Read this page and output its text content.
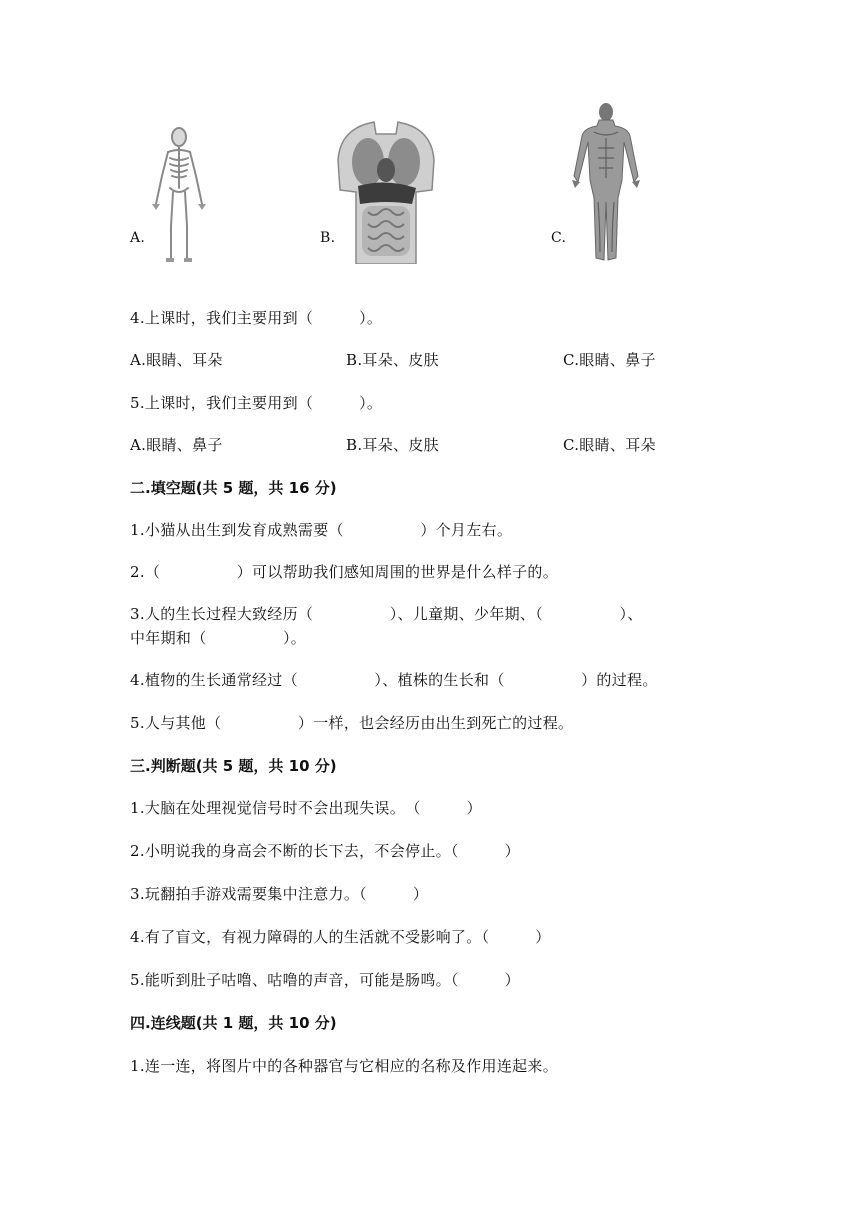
A.	B.	C.
4.上课时，我们主要用到（　　　）。
A.眼睛、耳朵	B.耳朵、皮肤	C.眼睛、鼻子
5.上课时，我们主要用到（　　　）。
A.眼睛、鼻子	B.耳朵、皮肤	C.眼睛、耳朵
二.填空题(共 5 题，共 16 分)
1.小猫从出生到发育成熟需要（　　　　　）个月左右。
2.（　　　　　）可以帮助我们感知周围的世界是什么样子的。
3.人的生长过程大致经历（　　　　　）、儿童期、少年期、（　　　　　）、
中年期和（　　　　　）。
4.植物的生长通常经过（　　　　　）、植株的生长和（　　　　　）的过程。
5.人与其他（　　　　　）一样，也会经历由出生到死亡的过程。
三.判断题(共 5 题，共 10 分)
1.大脑在处理视觉信号时不会出现失误。　（　　　）
2.小明说我的身高会不断的长下去，不会停止。（　　　）
3.玩翻拍手游戏需要集中注意力。（　　　）
4.有了盲文，有视力障碍的人的生活就不受影响了。（　　　）
5.能听到肚子咕噜、咕噜的声音，可能是肠鸣。（　　　）
四.连线题(共 1 题，共 10 分)
1.连一连，将图片中的各种器官与它相应的名称及作用连起来。
